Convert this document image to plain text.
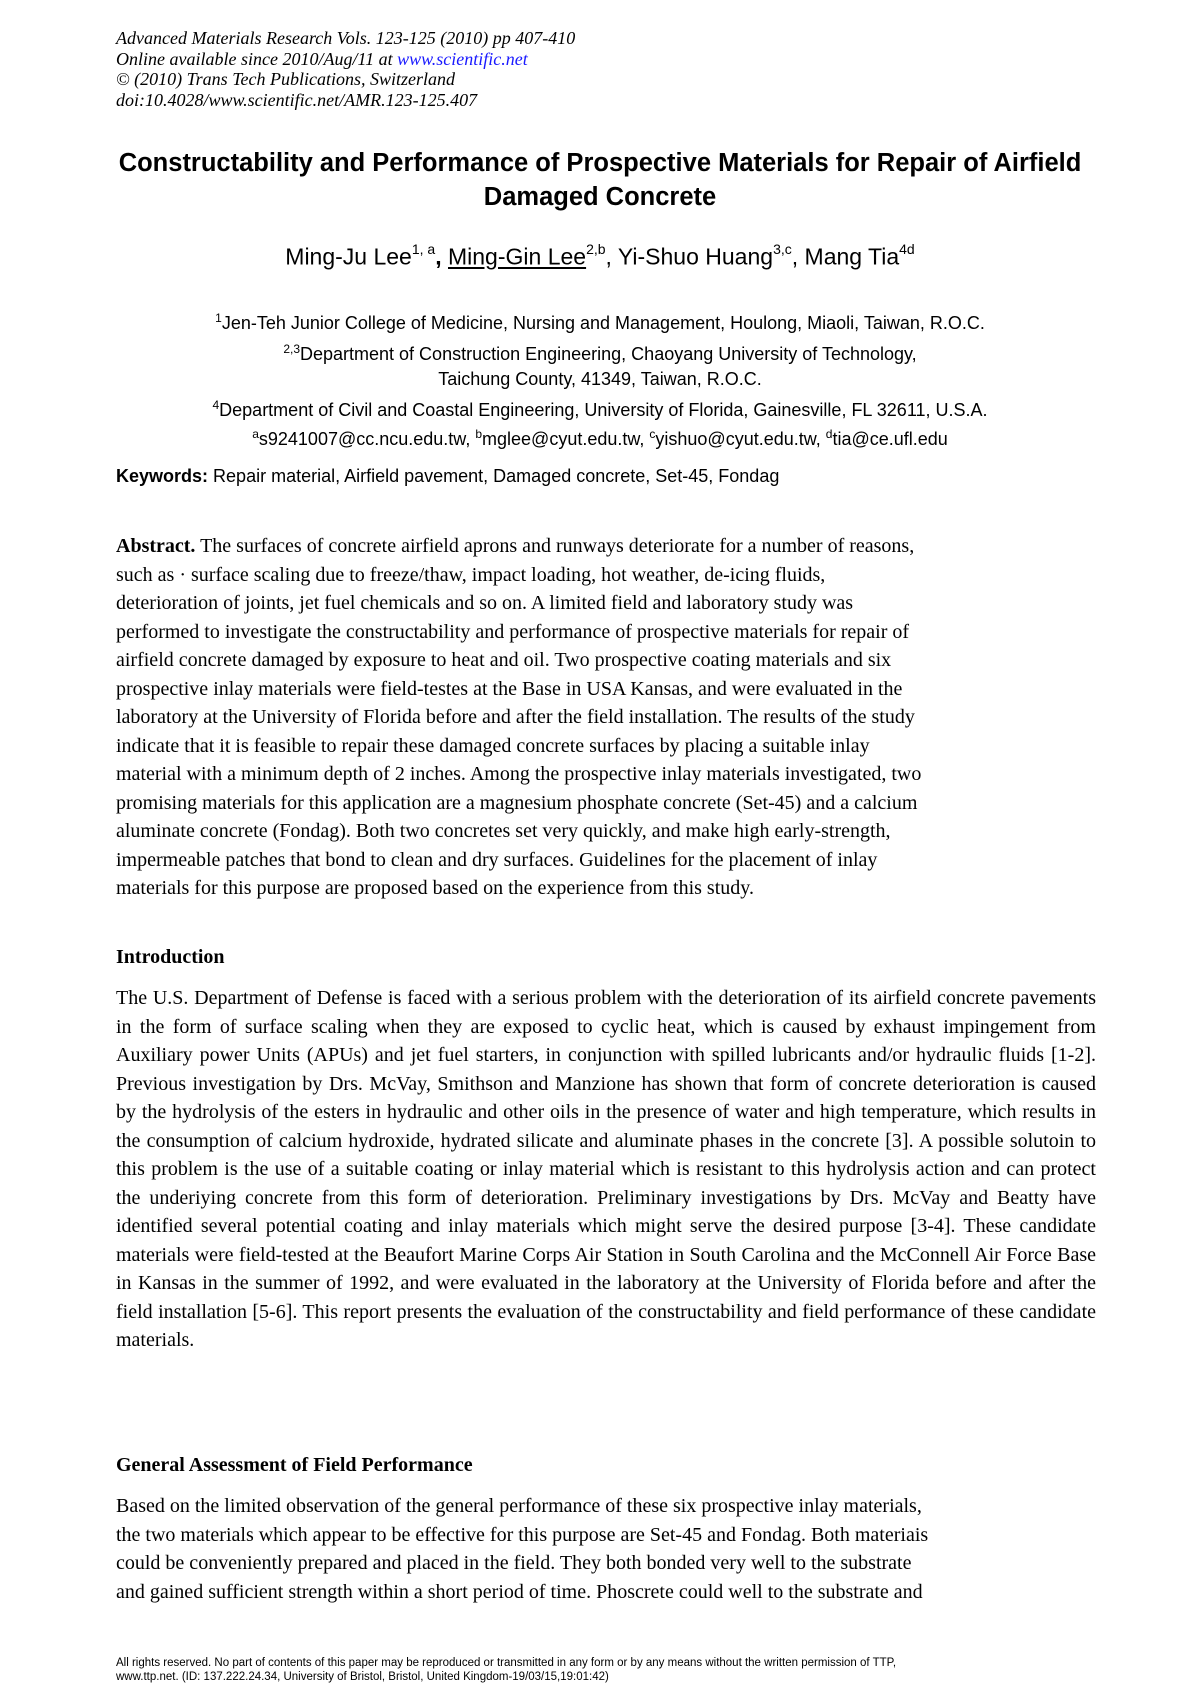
Advanced Materials Research Vols. 123-125 (2010) pp 407-410
Online available since 2010/Aug/11 at www.scientific.net
© (2010) Trans Tech Publications, Switzerland
doi:10.4028/www.scientific.net/AMR.123-125.407
Constructability and Performance of Prospective Materials for Repair of Airfield Damaged Concrete
Ming-Ju Lee$^{1, a}$, Ming-Gin Lee$^{2,b}$, Yi-Shuo Huang$^{3,c}$, Mang Tia$^{4d}$
$^1$Jen-Teh Junior College of Medicine, Nursing and Management, Houlong, Miaoli, Taiwan, R.O.C.
$^{2,3}$Department of Construction Engineering, Chaoyang University of Technology,
Taichung County, 41349, Taiwan, R.O.C.
$^4$Department of Civil and Coastal Engineering, University of Florida, Gainesville, FL 32611, U.S.A.
$^a$s9241007@cc.ncu.edu.tw, $^b$mglee@cyut.edu.tw, $^c$yishuo@cyut.edu.tw, $^d$tia@ce.ufl.edu
Keywords: Repair material, Airfield pavement, Damaged concrete, Set-45, Fondag

Abstract. The surfaces of concrete airfield aprons and runways deteriorate for a number of reasons,

such as · surface scaling due to freeze/thaw, impact loading, hot weather, de-icing fluids,

deterioration of joints, jet fuel chemicals and so on. A limited field and laboratory study was

performed to investigate the constructability and performance of prospective materials for repair of

airfield concrete damaged by exposure to heat and oil. Two prospective coating materials and six

prospective inlay materials were field-testes at the Base in USA Kansas, and were evaluated in the

laboratory at the University of Florida before and after the field installation. The results of the study

indicate that it is feasible to repair these damaged concrete surfaces by placing a suitable inlay

material with a minimum depth of 2 inches. Among the prospective inlay materials investigated, two

promising materials for this application are a magnesium phosphate concrete (Set-45) and a calcium

aluminate concrete (Fondag). Both two concretes set very quickly, and make high early-strength,

impermeable patches that bond to clean and dry surfaces. Guidelines for the placement of inlay

materials for this purpose are proposed based on the experience from this study.

Introduction

The U.S. Department of Defense is faced with a serious problem with the deterioration of its airfield concrete pavements in the form of surface scaling when they are exposed to cyclic heat, which is caused by exhaust impingement from Auxiliary power Units (APUs) and jet fuel starters, in conjunction with spilled lubricants and/or hydraulic fluids [1-2]. Previous investigation by Drs. McVay, Smithson and Manzione has shown that form of concrete deterioration is caused by the hydrolysis of the esters in hydraulic and other oils in the presence of water and high temperature, which results in the consumption of calcium hydroxide, hydrated silicate and aluminate phases in the concrete [3]. A possible solutoin to this problem is the use of a suitable coating or inlay material which is resistant to this hydrolysis action and can protect the underiying concrete from this form of deterioration. Preliminary investigations by Drs. McVay and Beatty have identified several potential coating and inlay materials which might serve the desired purpose [3-4]. These candidate materials were field-tested at the Beaufort Marine Corps Air Station in South Carolina and the McConnell Air Force Base in Kansas in the summer of 1992, and were evaluated in the laboratory at the University of Florida before and after the field installation [5-6]. This report presents the evaluation of the constructability and field performance of these candidate materials.

General Assessment of Field Performance

Based on the limited observation of the general performance of these six prospective inlay materials,

the two materials which appear to be effective for this purpose are Set-45 and Fondag. Both materiais

could be conveniently prepared and placed in the field. They both bonded very well to the substrate

and gained sufficient strength within a short period of time. Phoscrete could well to the substrate and

All rights reserved. No part of contents of this paper may be reproduced or transmitted in any form or by any means without the written permission of TTP,
www.ttp.net. (ID: 137.222.24.34, University of Bristol, Bristol, United Kingdom-19/03/15,19:01:42)
